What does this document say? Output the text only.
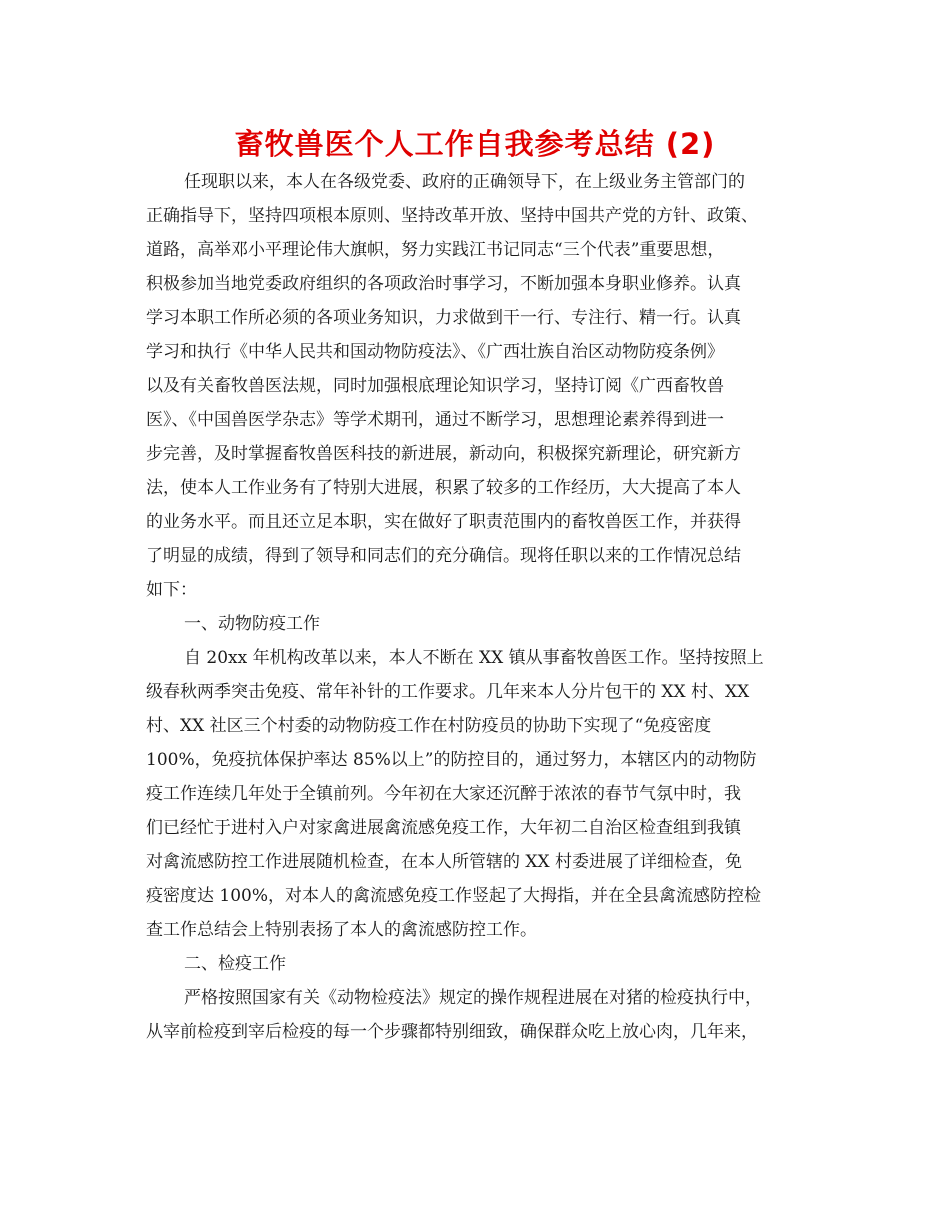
畜牧兽医个人工作自我参考总结 (2)

任现职以来，本人在各级党委、政府的正确领导下，在上级业务主管部门的

正确指导下，坚持四项根本原则、坚持改革开放、坚持中国共产党的方针、政策、

道路，高举邓小平理论伟大旗帜，努力实践江书记同志“三个代表”重要思想，

积极参加当地党委政府组织的各项政治时事学习，不断加强本身职业修养。认真

学习本职工作所必须的各项业务知识，力求做到干一行、专注行、精一行。认真

学习和执行《中华人民共和国动物防疫法》、《广西壮族自治区动物防疫条例》

以及有关畜牧兽医法规，同时加强根底理论知识学习，坚持订阅《广西畜牧兽

医》、《中国兽医学杂志》等学术期刊，通过不断学习，思想理论素养得到进一

步完善，及时掌握畜牧兽医科技的新进展，新动向，积极探究新理论，研究新方

法，使本人工作业务有了特别大进展，积累了较多的工作经历，大大提高了本人

的业务水平。而且还立足本职，实在做好了职责范围内的畜牧兽医工作，并获得

了明显的成绩，得到了领导和同志们的充分确信。现将任职以来的工作情况总结

如下：

一、动物防疫工作

自 20xx 年机构改革以来，本人不断在 XX 镇从事畜牧兽医工作。坚持按照上

级春秋两季突击免疫、常年补针的工作要求。几年来本人分片包干的 XX 村、XX

村、XX 社区三个村委的动物防疫工作在村防疫员的协助下实现了“免疫密度

100%，免疫抗体保护率达 85%以上”的防控目的，通过努力，本辖区内的动物防

疫工作连续几年处于全镇前列。今年初在大家还沉醉于浓浓的春节气氛中时，我

们已经忙于进村入户对家禽进展禽流感免疫工作，大年初二自治区检查组到我镇

对禽流感防控工作进展随机检查，在本人所管辖的 XX 村委进展了详细检查，免

疫密度达 100%，对本人的禽流感免疫工作竖起了大拇指，并在全县禽流感防控检

查工作总结会上特别表扬了本人的禽流感防控工作。

二、检疫工作

严格按照国家有关《动物检疫法》规定的操作规程进展在对猪的检疫执行中，

从宰前检疫到宰后检疫的每一个步骤都特别细致，确保群众吃上放心肉，几年来，
